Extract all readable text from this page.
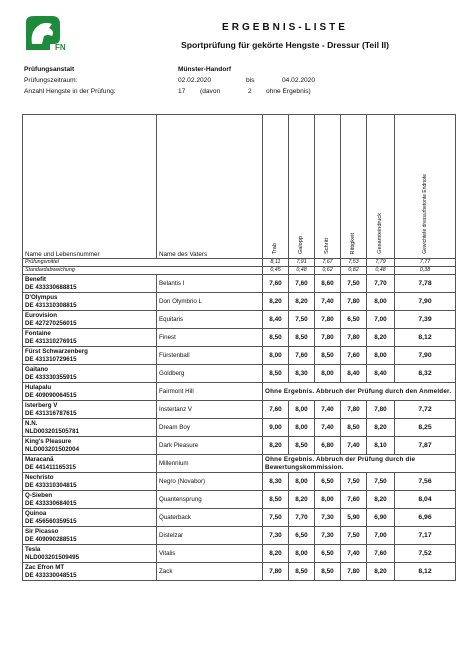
FN
ERGEBNIS-LISTE
Sportprüfung für gekörte Hengste - Dressur (Teil II)
Prüfungsanstalt	Münster-Handorf
Prüfungszeitraum:	02.02.2020	bis	04.02.2020
Anzahl Hengste in der Prüfung:	17 (davon	2 ohne Ergebnis)
Name und Lebensnummer	Name des Vaters	Trab	Galopp	Schritt	Rittigkeit	Gesamteindruck	Gewichtete dressurbetonte Endnote
Prüfungsmittel		8,11	7,91	7,67	7,53	7,79	7,77
Standardabweichung		0,45	0,48	0,62	0,82	0,48	0,38

Benefit
DE 433330688815	Belantis I	7,60	7,60	8,60	7,50	7,70	7,78

D'Olympus
DE 431310308815	Don Olymbrio L	8,20	8,20	7,40	7,80	8,00	7,90

Eurovision
DE 427270256015	Equitaris	8,40	7,50	7,80	6,50	7,00	7,39

Fontaine
DE 431310276915	Finest	8,50	8,50	7,80	7,80	8,20	8,12

Fürst Schwarzenberg
DE 431310729615	Fürstenball	8,00	7,60	8,50	7,60	8,00	7,90

Gaitano
DE 433330355915	Goldberg	8,50	8,30	8,00	8,40	8,40	8,32

Hulapalu
DE 409090064515	Fairmont Hill	Ohne Ergebnis. Abbruch der Prüfung durch den Anmelder.					

Isterberg V
DE 431316787615	Instertanz V	7,60	8,00	7,40	7,80	7,80	7,72

N.N.
NLD003201505781	Dream Boy	9,00	8,00	7,40	8,50	8,20	8,25

King's Pleasure
NLD003201502004	Dark Pleasure	8,20	8,50	6,80	7,40	8,10	7,87

Maracanã
DE 441411165315	Millennium	Ohne Ergebnis. Abbruch der Prüfung durch die Bewertungskommission.					

Nechristo
DE 433310304815	Negro (Novabor)	8,30	8,00	6,50	7,50	7,50	7,56

Q-Sieben
DE 433330684015	Quantensprung	8,50	8,20	8,00	7,60	8,20	8,04

Quinoa
DE 456560359515	Quaterback	7,50	7,70	7,30	5,90	6,90	6,96

Sir Picasso
DE 409090288515	Distelzar	7,30	6,50	7,30	7,50	7,00	7,17

Tesla
NLD003201509495	Vitalis	8,20	8,00	6,50	7,40	7,60	7,52

Zac Efron MT
DE 433330048515	Zack	7,80	8,50	8,50	7,80	8,20	8,12
